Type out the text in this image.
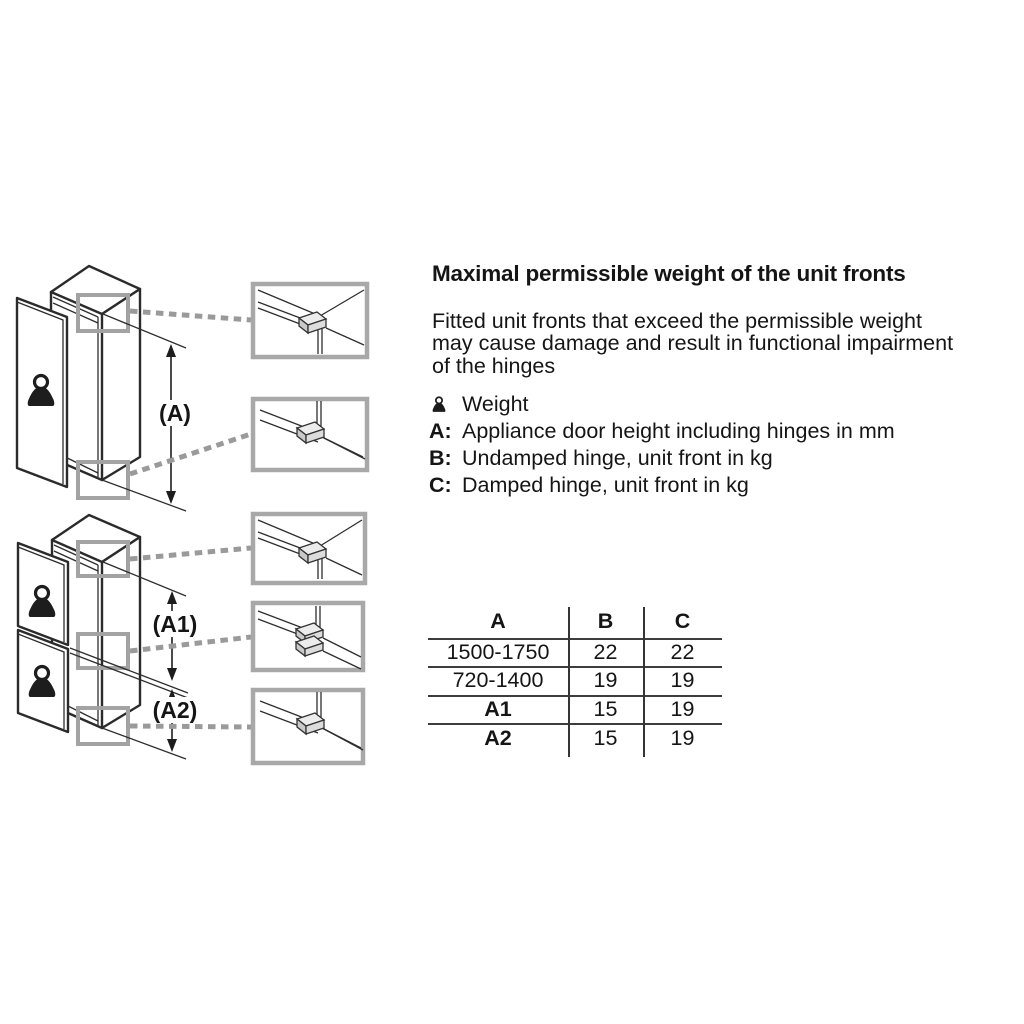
(A)
(A1)
(A2)
Maximal permissible weight of the unit fronts
Fitted unit fronts that exceed the permissible weight
may cause damage and result in functional impairment
of the hinges
Weight
A: Appliance door height including hinges in mm
B: Undamped hinge, unit front in kg
C: Damped hinge, unit front in kg
A	B	C
1500-1750	22	22
720-1400	19	19
A1	15	19
A2	15	19
